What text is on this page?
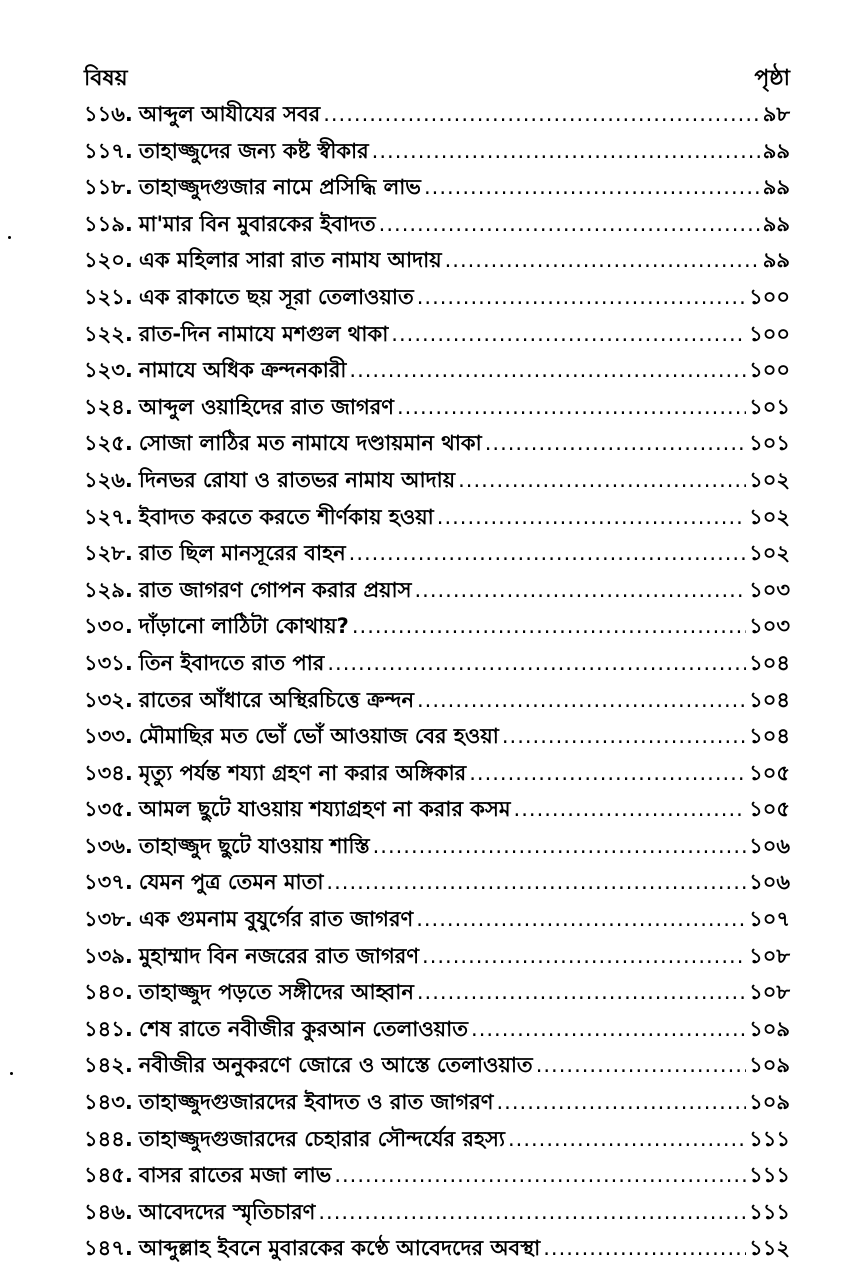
বিষয়	পৃষ্ঠা
১১৬. আব্দুল আযীযের সবর .....	৯৮
১১৭. তাহাজ্জুদের জন্য কষ্ট স্বীকার .....	৯৯
১১৮. তাহাজ্জুদগুজার নামে প্রসিদ্ধি লাভ .....	৯৯
১১৯. মা'মার বিন মুবারকের ইবাদত .....	৯৯
১২০. এক মহিলার সারা রাত নামায আদায় .....	৯৯
১২১. এক রাকাতে ছয় সূরা তেলাওয়াত .....	১০০
১২২. রাত-দিন নামাযে মশগুল থাকা .....	১০০
১২৩. নামাযে অধিক ক্রন্দনকারী .....	১০০
১২৪. আব্দুল ওয়াহিদের রাত জাগরণ .....	১০১
১২৫. সোজা লাঠির মত নামাযে দণ্ডায়মান থাকা .....	১০১
১২৬. দিনভর রোযা ও রাতভর নামায আদায় .....	১০২
১২৭. ইবাদত করতে করতে শীর্ণকায় হওয়া .....	১০২
১২৮. রাত ছিল মানসূরের বাহন .....	১০২
১২৯. রাত জাগরণ গোপন করার প্রয়াস .....	১০৩
১৩০. দাঁড়ানো লাঠিটা কোথায়? .....	১০৩
১৩১. তিন ইবাদতে রাত পার .....	১০৪
১৩২. রাতের আঁধারে অস্থিরচিত্তে ক্রন্দন .....	১০৪
১৩৩. মৌমাছির মত ভোঁ ভোঁ আওয়াজ বের হওয়া .....	১০৪
১৩৪. মৃত্যু পর্যন্ত শয্যা গ্রহণ না করার অঙ্গিকার .....	১০৫
১৩৫. আমল ছুটে যাওয়ায় শয্যাগ্রহণ না করার কসম .....	১০৫
১৩৬. তাহাজ্জুদ ছুটে যাওয়ায় শাস্তি .....	১০৬
১৩৭. যেমন পুত্র তেমন মাতা .....	১০৬
১৩৮. এক গুমনাম বুযুর্গের রাত জাগরণ .....	১০৭
১৩৯. মুহাম্মাদ বিন নজরের রাত জাগরণ .....	১০৮
১৪০. তাহাজ্জুদ পড়তে সঙ্গীদের আহ্বান .....	১০৮
১৪১. শেষ রাতে নবীজীর কুরআন তেলাওয়াত .....	১০৯
১৪২. নবীজীর অনুকরণে জোরে ও আস্তে তেলাওয়াত .....	১০৯
১৪৩. তাহাজ্জুদগুজারদের ইবাদত ও রাত জাগরণ .....	১০৯
১৪৪. তাহাজ্জুদগুজারদের চেহারার সৌন্দর্যের রহস্য .....	১১১
১৪৫. বাসর রাতের মজা লাভ .....	১১১
১৪৬. আবেদদের স্মৃতিচারণ .....	১১১
১৪৭. আব্দুল্লাহ ইবনে মুবারকের কণ্ঠে আবেদদের অবস্থা .....	১১২
